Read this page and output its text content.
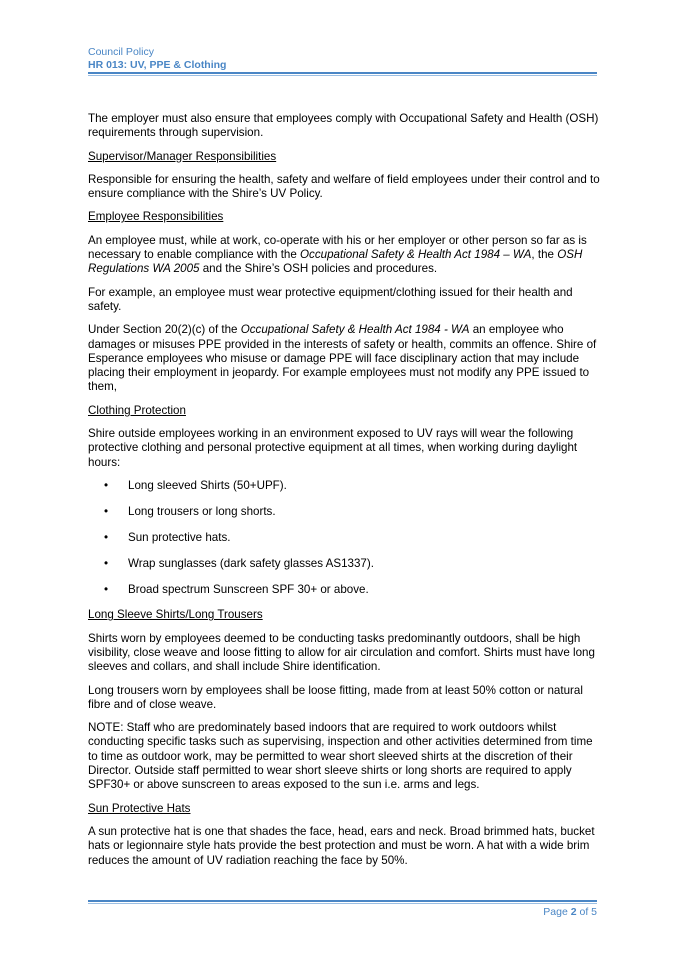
Council Policy
HR 013: UV, PPE & Clothing

The employer must also ensure that employees comply with Occupational Safety and Health (OSH) requirements through supervision.

Supervisor/Manager Responsibilities

Responsible for ensuring the health, safety and welfare of field employees under their control and to ensure compliance with the Shire’s UV Policy.

Employee Responsibilities

An employee must, while at work, co-operate with his or her employer or other person so far as is necessary to enable compliance with the Occupational Safety & Health Act 1984 – WA, the OSH Regulations WA 2005 and the Shire’s OSH policies and procedures.

For example, an employee must wear protective equipment/clothing issued for their health and safety.

Under Section 20(2)(c) of the Occupational Safety & Health Act 1984 - WA an employee who damages or misuses PPE provided in the interests of safety or health, commits an offence. Shire of Esperance employees who misuse or damage PPE will face disciplinary action that may include placing their employment in jeopardy. For example employees must not modify any PPE issued to them,

Clothing Protection

Shire outside employees working in an environment exposed to UV rays will wear the following protective clothing and personal protective equipment at all times, when working during daylight hours:

• Long sleeved Shirts (50+UPF).
• Long trousers or long shorts.
• Sun protective hats.
• Wrap sunglasses (dark safety glasses AS1337).
• Broad spectrum Sunscreen SPF 30+ or above.

Long Sleeve Shirts/Long Trousers

Shirts worn by employees deemed to be conducting tasks predominantly outdoors, shall be high visibility, close weave and loose fitting to allow for air circulation and comfort. Shirts must have long sleeves and collars, and shall include Shire identification.

Long trousers worn by employees shall be loose fitting, made from at least 50% cotton or natural fibre and of close weave.

NOTE: Staff who are predominately based indoors that are required to work outdoors whilst conducting specific tasks such as supervising, inspection and other activities determined from time to time as outdoor work, may be permitted to wear short sleeved shirts at the discretion of their Director. Outside staff permitted to wear short sleeve shirts or long shorts are required to apply SPF30+ or above sunscreen to areas exposed to the sun i.e. arms and legs.

Sun Protective Hats

A sun protective hat is one that shades the face, head, ears and neck. Broad brimmed hats, bucket hats or legionnaire style hats provide the best protection and must be worn. A hat with a wide brim reduces the amount of UV radiation reaching the face by 50%.

Page 2 of 5
